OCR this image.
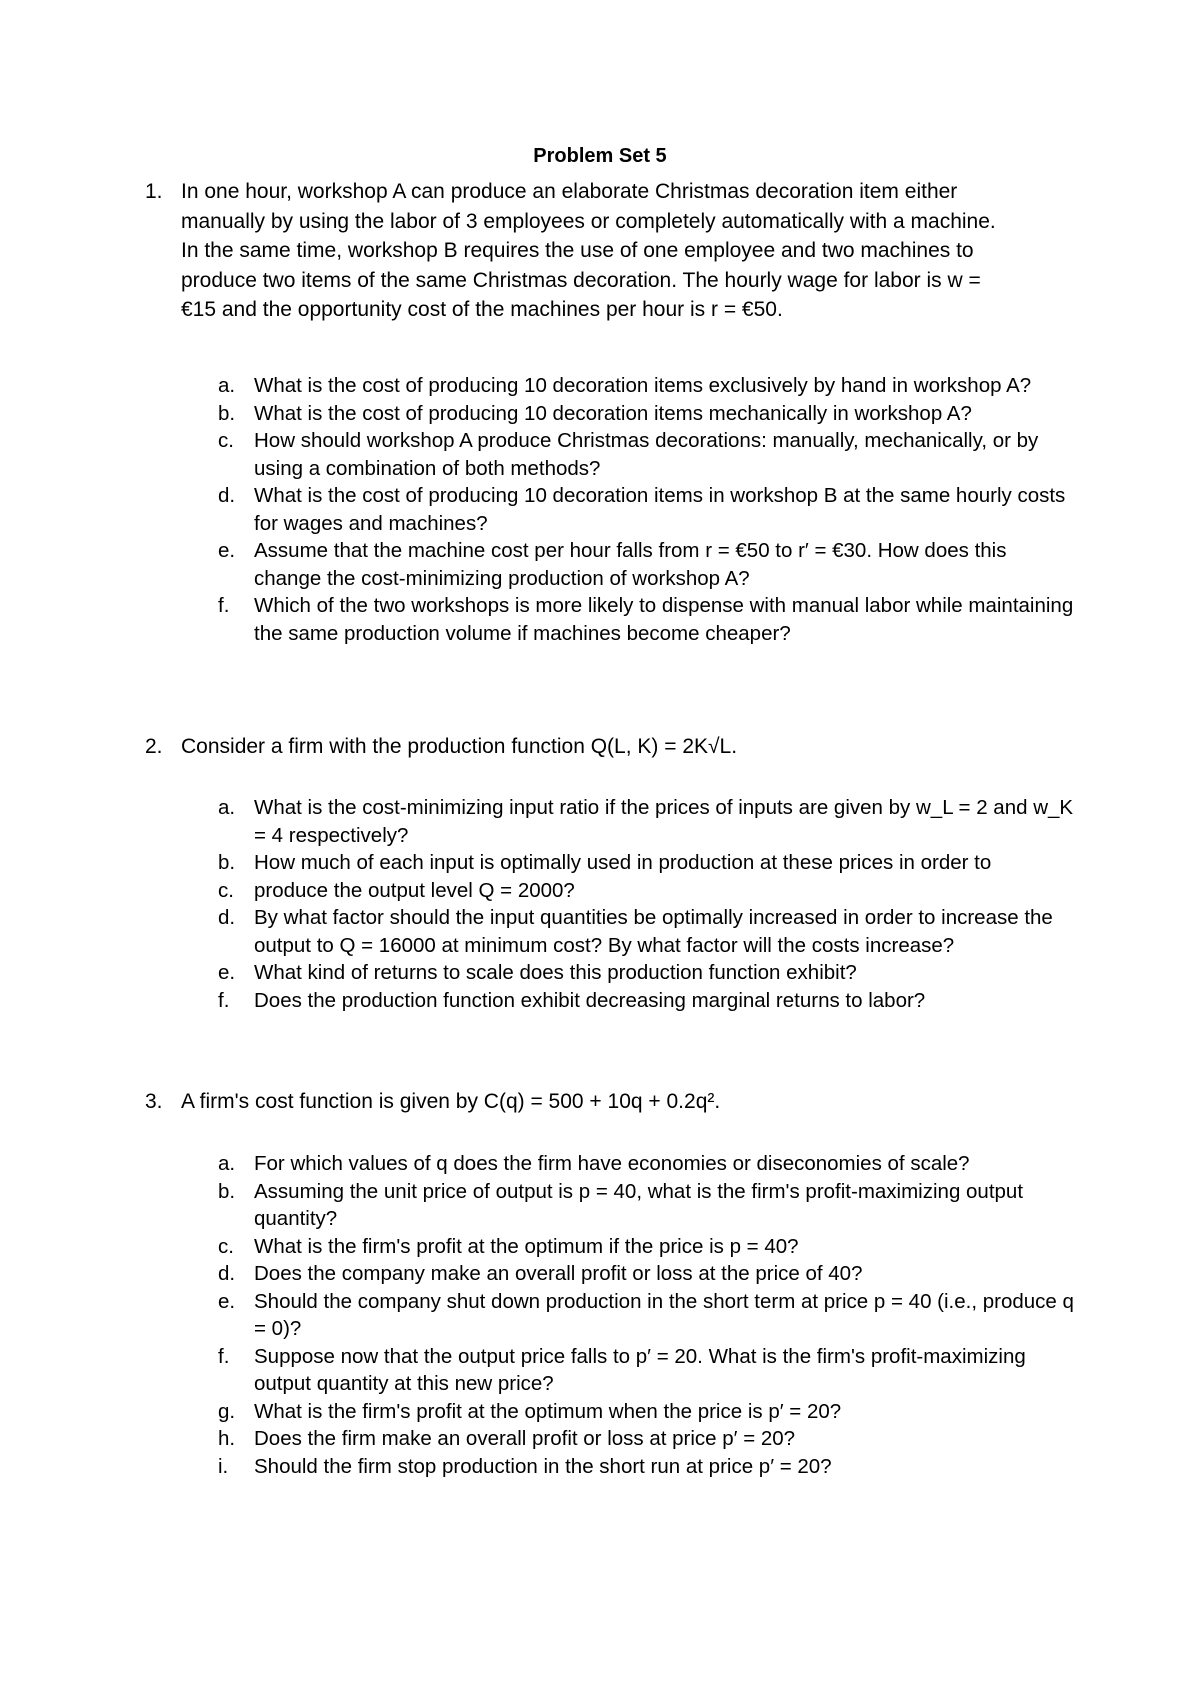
Problem Set 5
1. In one hour, workshop A can produce an elaborate Christmas decoration item either
manually by using the labor of 3 employees or completely automatically with a machine.
In the same time, workshop B requires the use of one employee and two machines to
produce two items of the same Christmas decoration. The hourly wage for labor is w =
€15 and the opportunity cost of the machines per hour is r = €50.
a. What is the cost of producing 10 decoration items exclusively by hand in workshop A?
b. What is the cost of producing 10 decoration items mechanically in workshop A?
c. How should workshop A produce Christmas decorations: manually, mechanically, or by using a combination of both methods?
d. What is the cost of producing 10 decoration items in workshop B at the same hourly costs for wages and machines?
e. Assume that the machine cost per hour falls from r = €50 to r′ = €30. How does this change the cost-minimizing production of workshop A?
f. Which of the two workshops is more likely to dispense with manual labor while maintaining the same production volume if machines become cheaper?
2. Consider a firm with the production function Q(L, K) = 2K√L.
a. What is the cost-minimizing input ratio if the prices of inputs are given by w_L = 2 and w_K = 4 respectively?
b. How much of each input is optimally used in production at these prices in order to
c. produce the output level Q = 2000?
d. By what factor should the input quantities be optimally increased in order to increase the output to Q = 16000 at minimum cost? By what factor will the costs increase?
e. What kind of returns to scale does this production function exhibit?
f. Does the production function exhibit decreasing marginal returns to labor?
3. A firm's cost function is given by C(q) = 500 + 10q + 0.2q².
a. For which values of q does the firm have economies or diseconomies of scale?
b. Assuming the unit price of output is p = 40, what is the firm's profit-maximizing output quantity?
c. What is the firm's profit at the optimum if the price is p = 40?
d. Does the company make an overall profit or loss at the price of 40?
e. Should the company shut down production in the short term at price p = 40 (i.e., produce q = 0)?
f. Suppose now that the output price falls to p′ = 20. What is the firm's profit-maximizing output quantity at this new price?
g. What is the firm's profit at the optimum when the price is p′ = 20?
h. Does the firm make an overall profit or loss at price p′ = 20?
i. Should the firm stop production in the short run at price p′ = 20?
